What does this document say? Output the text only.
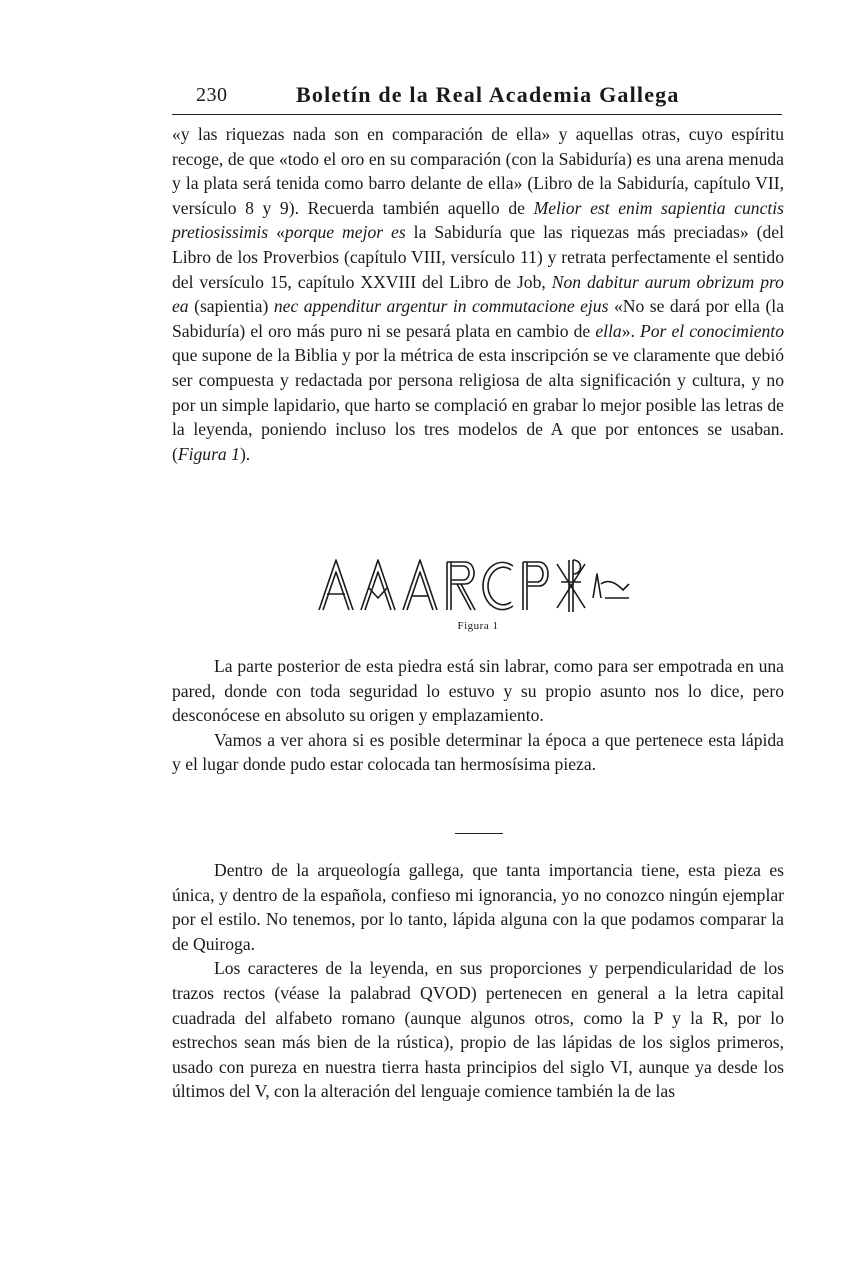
230	Boletín de la Real Academia Gallega

«y las riquezas nada son en comparación de ella» y aquellas otras, cuyo espíritu recoge, de que «todo el oro en su comparación (con la Sabiduría) es una arena menuda y la plata será tenida como barro delante de ella» (Libro de la Sabiduría, capítulo VII, versículo 8 y 9). Recuerda también aquello de Melior est enim sapientia cunctis pretiosissimis «porque mejor es la Sabiduría que las riquezas más preciadas» (del Libro de los Proverbios (capítulo VIII, versículo 11) y retrata perfectamente el sentido del versículo 15, capítulo XXVIII del Libro de Job, Non dabitur aurum obrizum pro ea (sapientia) nec appenditur argentur in commutacione ejus «No se dará por ella (la Sabiduría) el oro más puro ni se pesará plata en cambio de ella». Por el conocimiento que supone de la Biblia y por la métrica de esta inscripción se ve claramente que debió ser compuesta y redactada por persona religiosa de alta significación y cultura, y no por un simple lapidario, que harto se complació en grabar lo mejor posible las letras de la leyenda, poniendo incluso los tres modelos de A que por entonces se usaban. (Figura 1).

Figura 1

La parte posterior de esta piedra está sin labrar, como para ser empotrada en una pared, donde con toda seguridad lo estuvo y su propio asunto nos lo dice, pero desconócese en absoluto su origen y emplazamiento.

Vamos a ver ahora si es posible determinar la época a que pertenece esta lápida y el lugar donde pudo estar colocada tan hermosísima pieza.

Dentro de la arqueología gallega, que tanta importancia tiene, esta pieza es única, y dentro de la española, confieso mi ignorancia, yo no conozco ningún ejemplar por el estilo. No tenemos, por lo tanto, lápida alguna con la que podamos comparar la de Quiroga.

Los caracteres de la leyenda, en sus proporciones y perpendicularidad de los trazos rectos (véase la palabrad QVOD) pertenecen en general a la letra capital cuadrada del alfabeto romano (aunque algunos otros, como la P y la R, por lo estrechos sean más bien de la rústica), propio de las lápidas de los siglos primeros, usado con pureza en nuestra tierra hasta principios del siglo VI, aunque ya desde los últimos del V, con la alteración del lenguaje comience también la de las
